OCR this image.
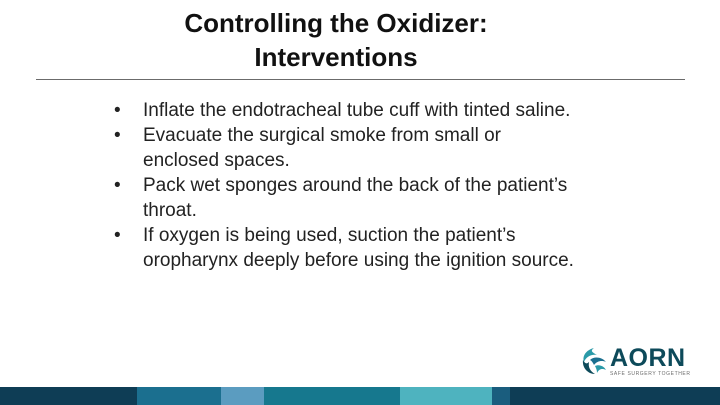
Controlling the Oxidizer:
Interventions
• Inflate the endotracheal tube cuff with tinted saline.
• Evacuate the surgical smoke from small or enclosed spaces.
• Pack wet sponges around the back of the patient’s throat.
• If oxygen is being used, suction the patient’s oropharynx deeply before using the ignition source.
AORN
SAFE SURGERY TOGETHER
